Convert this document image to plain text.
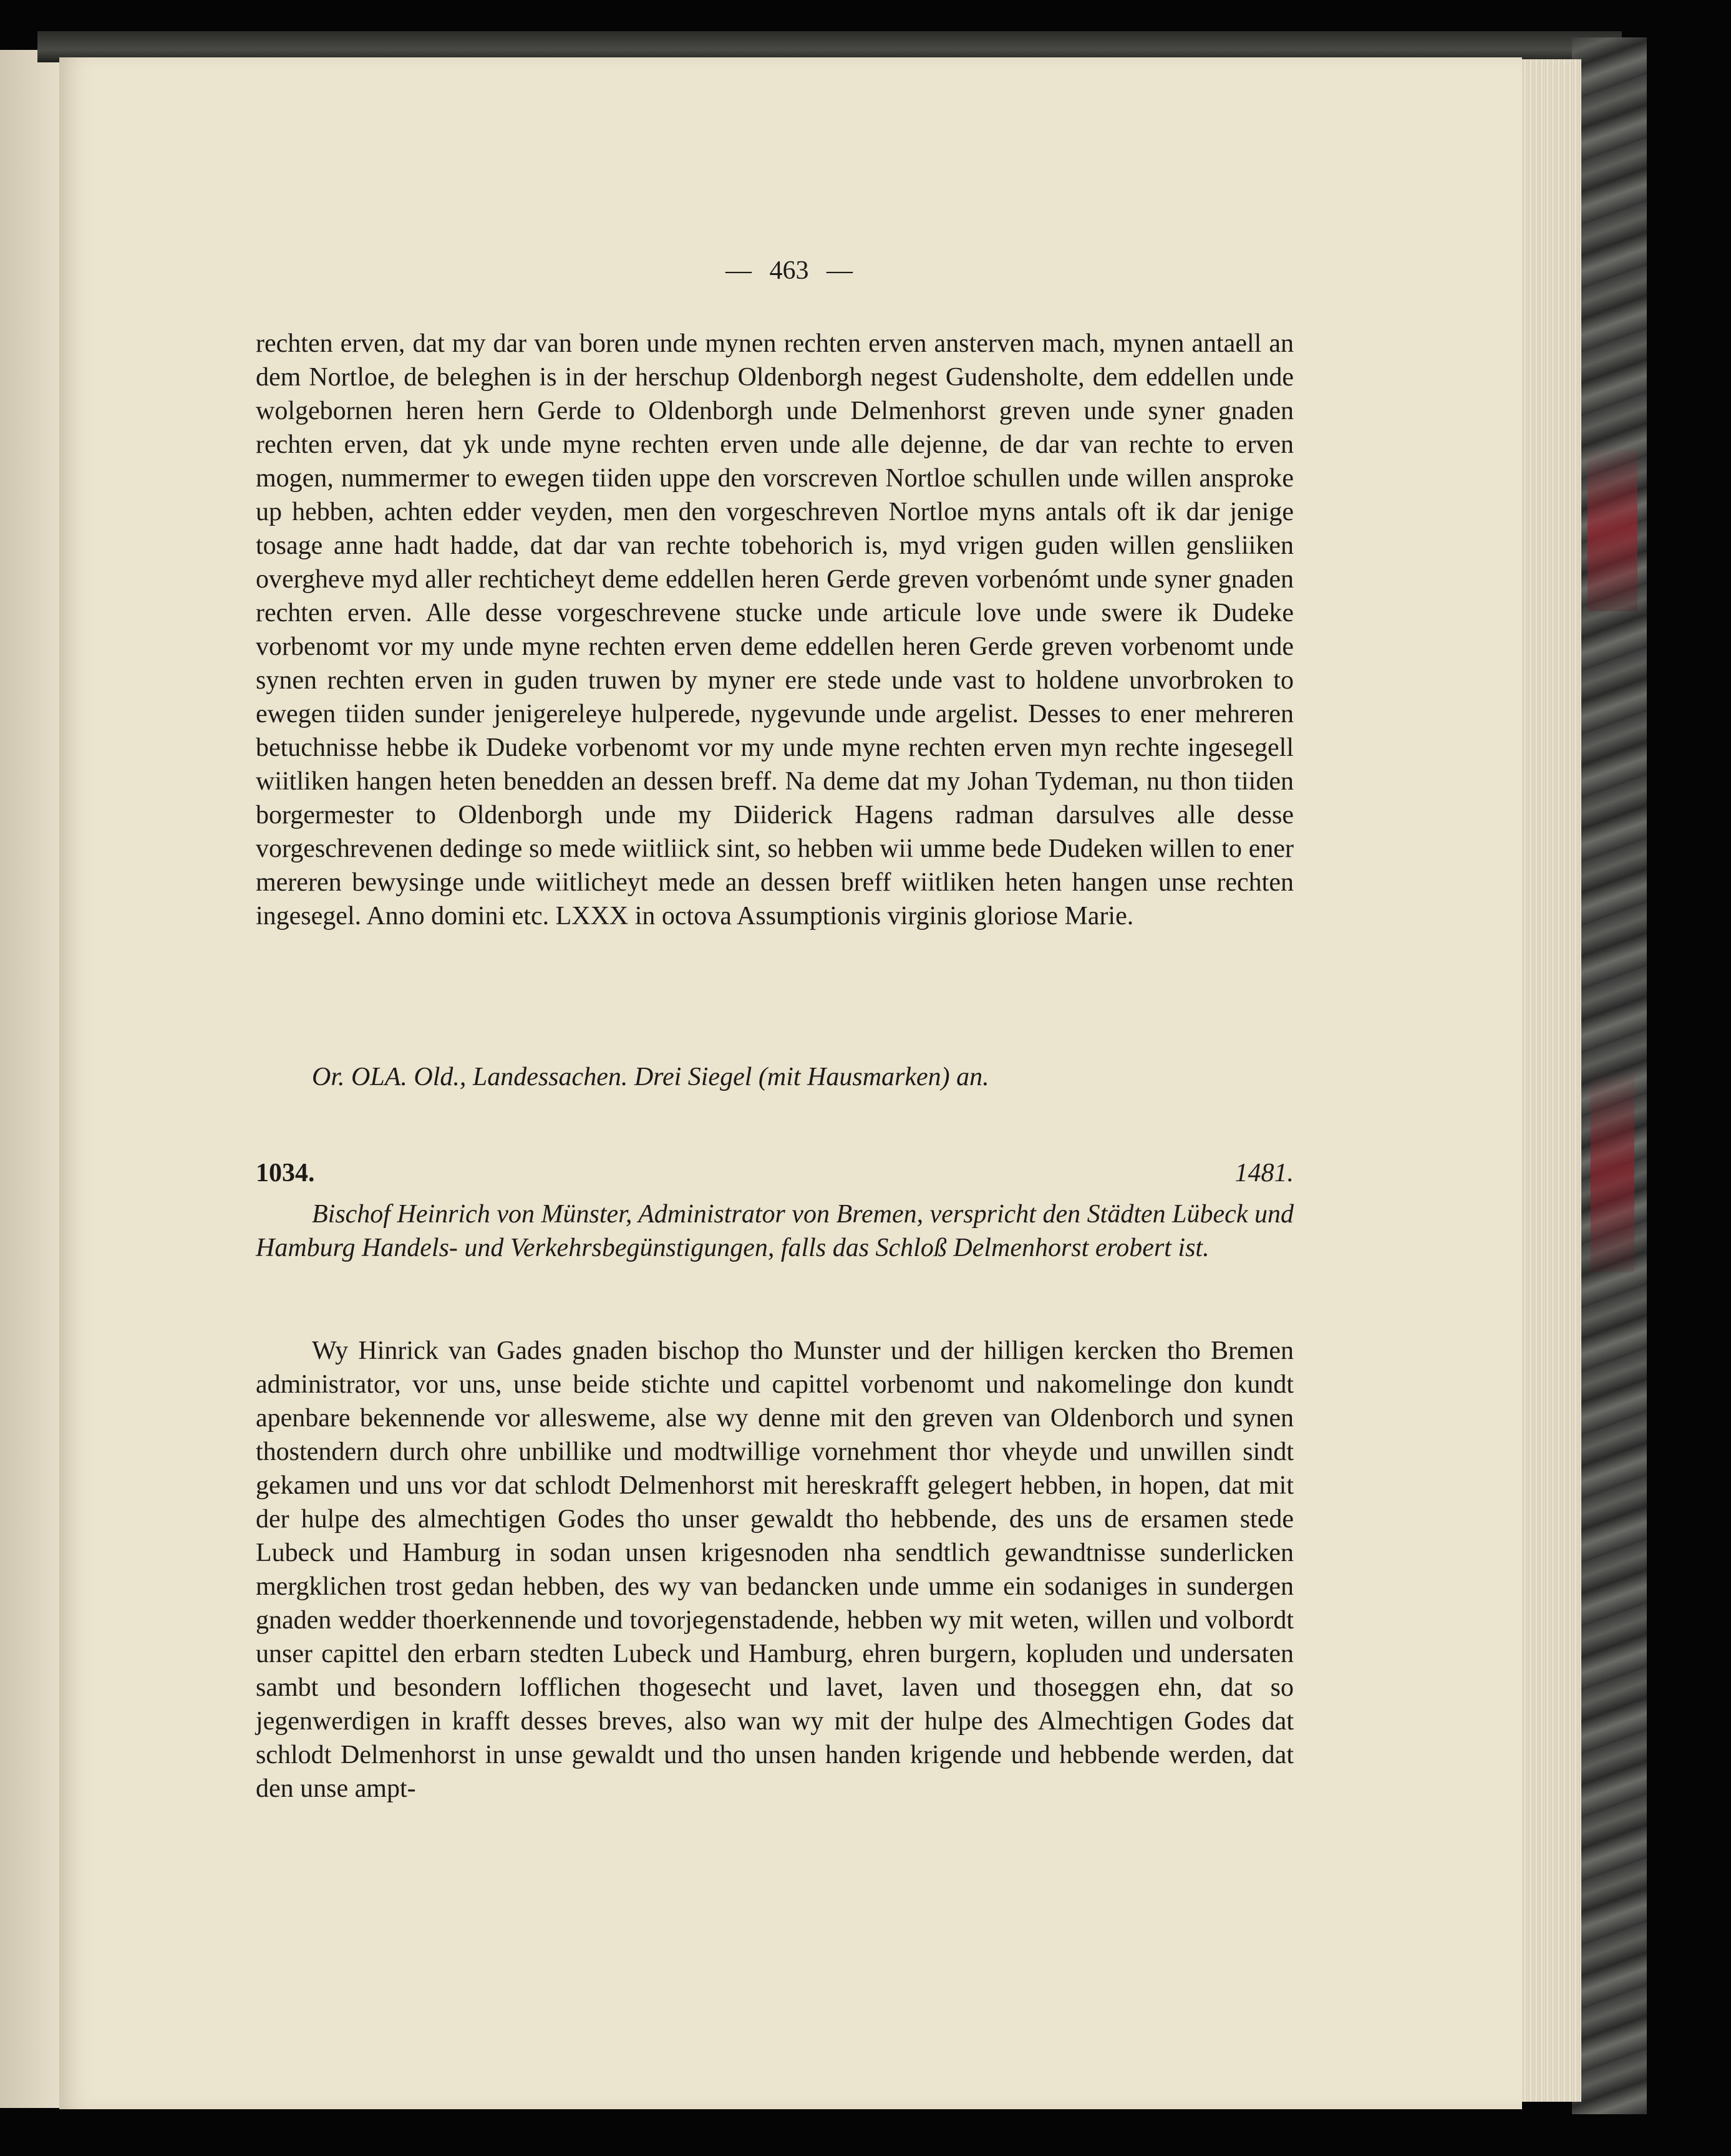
— 463 —

rechten erven, dat my dar van boren unde mynen rechten erven ansterven mach, mynen antaell an dem Nortloe, de beleghen is in der herschup Oldenborgh negest Gudensholte, dem eddellen unde wolgebornen heren hern Gerde to Oldenborgh unde Delmenhorst greven unde syner gnaden rechten erven, dat yk unde myne rechten erven unde alle dejenne, de dar van rechte to erven mogen, nummermer to ewegen tiiden uppe den vorscreven Nortloe schullen unde willen ansproke up hebben, achten edder veyden, men den vorgeschreven Nortloe myns antals oft ik dar jenige tosage anne hadt hadde, dat dar van rechte tobehorich is, myd vrigen guden willen gensliiken overgheve myd aller rechticheyt deme eddellen heren Gerde greven vorbenómt unde syner gnaden rechten erven. Alle desse vorgeschrevene stucke unde articule love unde swere ik Dudeke vorbenomt vor my unde myne rechten erven deme eddellen heren Gerde greven vorbenomt unde synen rechten erven in guden truwen by myner ere stede unde vast to holdene unvorbroken to ewegen tiiden sunder jenigereleye hulperede, nygevunde unde argelist. Desses to ener mehreren betuchnisse hebbe ik Dudeke vorbenomt vor my unde myne rechten erven myn rechte ingesegell wiitliken hangen heten benedden an dessen breff. Na deme dat my Johan Tydeman, nu thon tiiden borgermester to Oldenborgh unde my Diiderick Hagens radman darsulves alle desse vorgeschrevenen dedinge so mede wiitliick sint, so hebben wii umme bede Dudeken willen to ener mereren bewysinge unde wiitlicheyt mede an dessen breff wiitliken heten hangen unse rechten ingesegel. Anno domini etc. LXXX in octova Assumptionis virginis gloriose Marie.

Or. OLA. Old., Landessachen. Drei Siegel (mit Hausmarken) an.
1034.	1481.

Bischof Heinrich von Münster, Administrator von Bremen, verspricht den Städten Lübeck und Hamburg Handels- und Verkehrsbegünstigungen, falls das Schloß Delmenhorst erobert ist.

Wy Hinrick van Gades gnaden bischop tho Munster und der hilligen kercken tho Bremen administrator, vor uns, unse beide stichte und capittel vorbenomt und nakomelinge don kundt apenbare bekennende vor allesweme, alse wy denne mit den greven van Oldenborch und synen thostendern durch ohre unbillike und modtwillige vornehment thor vheyde und unwillen sindt gekamen und uns vor dat schlodt Delmenhorst mit hereskrafft gelegert hebben, in hopen, dat mit der hulpe des almechtigen Godes tho unser gewaldt tho hebbende, des uns de ersamen stede Lubeck und Hamburg in sodan unsen krigesnoden nha sendtlich gewandtnisse sunderlicken mergklichen trost gedan hebben, des wy van bedancken unde umme ein sodaniges in sundergen gnaden wedder thoerkennende und tovorjegenstadende, hebben wy mit weten, willen und volbordt unser capittel den erbarn stedten Lubeck und Hamburg, ehren burgern, kopluden und undersaten sambt und besondern lofflichen thogesecht und lavet, laven und thoseggen ehn, dat so jegenwerdigen in krafft desses breves, also wan wy mit der hulpe des Almechtigen Godes dat schlodt Delmenhorst in unse gewaldt und tho unsen handen krigende und hebbende werden, dat den unse ampt-
